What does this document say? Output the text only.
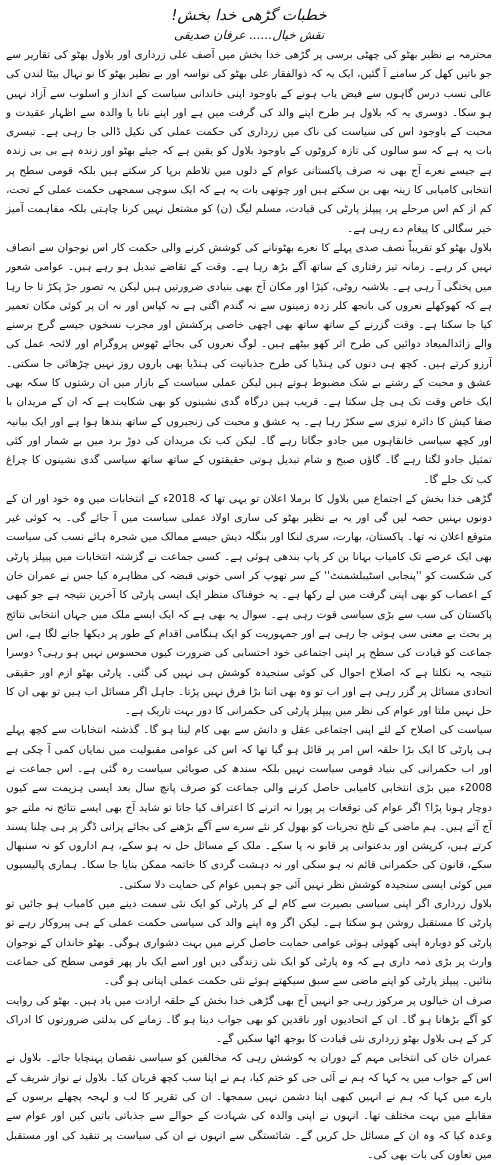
خطبات گڑھی خدا بخش!
نقش خیال...... عرفان صدیقی

محترمہ بے نظیر بھٹو کی چھٹی برسی پر گڑھی خدا بخش میں آصف علی زرداری اور بلاول بھٹو کی تقاریر سے جو باتیں کھل کر سامنے آ گئیں، ایک یہ کہ ذوالفقار علی بھٹو کی نواسہ اور بے نظیر بھٹو کا نو نہال بیٹا لندن کی عالی نسب درس گاہوں سے فیض یاب ہونے کے باوجود اپنی خاندانی سیاست کے انداز و اسلوب سے آزاد نہیں ہو سکا۔ دوسری یہ کہ بلاول ہر طرح اپنے والد کی گرفت میں ہے اور اپنے نانا یا والدہ سے اظہار عقیدت و محبت کے باوجود اس کی سیاست کی ناک میں زرداری کی حکمت عملی کی نکیل ڈالی جا رہی ہے۔ تیسری بات یہ ہے کہ سو سالوں کی تازہ کروٹوں کے باوجود بلاول کو یقین ہے کہ جیئے بھٹو اور زندہ ہے بی بی زندہ ہے جیسے نعرے آج بھی نہ صرف پاکستانی عوام کے دلوں میں تلاطم برپا کر سکتے ہیں بلکہ قومی سطح پر انتخابی کامیابی کا زینہ بھی بن سکتے ہیں اور چوتھی بات یہ ہے کہ ایک سوچی سمجھی حکمت عملی کے تحت، کم از کم اس مرحلے پر، پیپلز پارٹی کی قیادت، مسلم لیگ (ن) کو مشتعل نہیں کرنا چاہتی بلکہ مفاہمت آمیز خیر سگالی کا پیغام دے رہی ہے۔

بلاول بھٹو کو تقریباً نصف صدی پہلے کا نعرے بھٹونانے کی کوشش کرنے والی حکمت کار اس نوجوان سے انصاف نہیں کر رہے۔ زمانہ تیز رفتاری کے ساتھ آگے بڑھ رہا ہے۔ وقت کے تقاضے تبدیل ہو رہے ہیں۔ عوامی شعور میں پختگی آ رہی ہے۔ بلاشبہ روٹی، کپڑا اور مکان آج بھی بنیادی ضرورتیں ہیں لیکن یہ تصور جڑ پکڑ تا جا رہا ہے کہ کھوکھلے نعروں کی بانجھ کلر زدہ زمینوں سے نہ گندم اگتی ہے نہ کپاس اور نہ ان پر کوئی مکان تعمیر کیا جا سکتا ہے۔ وقت گزرنے کے ساتھ ساتھ بھی اچھی خاصی پرکشش اور مجرب نسخوں جیسے گرج برسنے والے زائدالمیعاد دوائیں کی طرح اثر کھو بیٹھے ہیں۔ لوگ نعروں کی بجائے ٹھوس پروگرام اور لائحہ عمل کی آرزو کرتے ہیں۔ کچھ ہی دنوں کی ہنڈیا کی طرح جذباتیت کی ہنڈیا بھی باروں روز نہیں چڑھائی جا سکتی۔ عشق و محبت کے رشتے بے شک مضبوط ہوتے ہیں لیکن عملی سیاست کے بازار میں ان رشتوں کا سکہ بھی ایک خاص وقت تک ہی چل سکتا ہے۔ قریب ہیں درگاہ گدی نشینوں کو بھی شکایت ہے کہ ان کے مریدان با صفا کیش کا دائرہ تیزی سے سکڑ رہا ہے۔ یہ عشق و محبت کی زنجیروں کے ساتھ بندھا ہوا ہے اور ایک بیانیہ اور کچھ سیاسی خانقاہوں میں جادو جگاتا رہے گا۔ لیکن کب تک مریدان کی دوڑ برد میں بے شمار اور کئی تمثیل جادو لگتا رہے گا۔ گاؤں صبح و شام تبدیل ہوتی حقیقتوں کے ساتھ ساتھ سیاسی گدی نشینوں کا چراغ کب تک جلے گا۔

گڑھی خدا بخش کے اجتماع میں بلاول کا برملا اعلان تو یہی تھا کہ 2018ء کے انتخابات میں وہ خود اور ان کے دونوں بہنیں حصہ لیں گی اور یہ بے نظیر بھٹو کی ساری اولاد عملی سیاست میں آ جائے گی۔ یہ کوئی غیر متوقع اعلان نہ تھا۔ پاکستان، بھارت، سری لنکا اور بنگلہ دیش جیسے ممالک میں شجرہ ہائے نسب کی سیاست بھی ایک عرصے تک کامیاب بہانا بن کر پاپ بندھی ہوئی ہے۔ کسی جماعت نے گزشتہ انتخابات میں پیپلز پارٹی کی شکست کو ''پنجابی اسٹیبلشمنٹ'' کے سر تھوپ کر اسی خونی قبضہ کی مظاہرہ کیا جس نے عمران خان کے اعصاب کو بھی اپنی گرفت میں لے رکھا ہے۔ یہ خوفناک منظر ایک ایسی پارٹی کا آخرین نتیجہ ہے جو کبھی پاکستان کی سب سے بڑی سیاسی قوت رہی ہے۔ سوال یہ بھی ہے کہ ایک ایسے ملک میں جہاں انتخابی نتائج پر بحث بے معنی سی ہوتی جا رہی ہے اور جمہوریت کو ایک ہنگامی اقدام کے طور پر دیکھا جانے لگا ہے، اس جماعت کو قیادت کی سطح پر اپنی اجتماعی خود احتسابی کی ضرورت کیوں محسوس نہیں ہو رہی؟ دوسرا نتیجہ یہ نکلتا ہے کہ اصلاح احوال کی کوئی سنجیدہ کوشش ہی نہیں کی گئی۔ پارٹی بھٹو ازم اور حقیقی اتحادی مسائل پر گزر رہی ہے اور اب تو وہ بھی اتنا بڑا فرق نہیں پڑتا۔ جاہل اگر مسائل اب ہیں تو بھی ان کا حل نہیں ملتا اور عوام کی نظر میں پیپلز پارٹی کی حکمرانی کا دور بہت تاریک ہے۔

سیاست کی اصلاح کے لئے اپنی اجتماعی عقل و دانش سے بھی کام لینا ہو گا۔ گذشتہ انتخابات سے کچھ پہلے ہی پارٹی کا ایک بڑا حلقہ اس امر پر قائل ہو گیا تھا کہ اس کی عوامی مقبولیت میں نمایاں کمی آ چکی ہے اور اب حکمرانی کی بنیاد قومی سیاست نہیں بلکہ سندھ کی صوبائی سیاست رہ گئی ہے۔ اس جماعت نے 2008ء میں بڑی انتخابی کامیابی حاصل کرنے والی جماعت کو صرف پانچ سال بعد ایسی ہزیمت سے کیوں دوچار ہونا پڑا؟ اگر عوام کی توقعات پر پورا نہ اترنے کا اعتراف کیا جاتا تو شاید آج بھی ایسے نتائج نہ ملتے جو آج آئے ہیں۔ ہم ماضی کے تلخ تجربات کو بھول کر نئے سرے سے آگے بڑھنے کی بجائے پرانی ڈگر پر ہی چلنا پسند کرتے ہیں، کرپشن اور بدعنوانی پر قابو نہ پا سکے۔ ملک کے مسائل حل نہ ہو سکے، ہم اداروں کو نہ سنبھال سکے، قانون کی حکمرانی قائم نہ ہو سکی اور نہ دہشت گردی کا خاتمہ ممکن بنایا جا سکا۔ ہماری پالیسیوں میں کوئی ایسی سنجیدہ کوشش نظر نہیں آئی جو ہمیں عوام کی حمایت دلا سکتی۔

بلاول زرداری اگر اپنی سیاسی بصیرت سے کام لے کر پارٹی کو ایک نئی سمت دینے میں کامیاب ہو جائیں تو پارٹی کا مستقبل روشن ہو سکتا ہے۔ لیکن اگر وہ اپنے والد کی سیاسی حکمت عملی کے ہی پیروکار رہے تو پارٹی کو دوبارہ اپنی کھوئی ہوئی عوامی حمایت حاصل کرنے میں بہت دشواری ہوگی۔ بھٹو خاندان کے نوجوان وارث پر بڑی ذمہ داری ہے کہ وہ پارٹی کو ایک نئی زندگی دیں اور اسے ایک بار پھر قومی سطح کی جماعت بنائیں۔ پیپلز پارٹی کو اپنے ماضی سے سبق سیکھتے ہوئے نئی حکمت عملی اپنانی ہو گی۔

صرف ان خیالوں پر مرکوز رہی جو انہیں آج بھی گڑھی خدا بخش کے حلقہ ارادت میں یاد ہیں۔ بھٹو کی روایت کو آگے بڑھانا ہو گا۔ ان کے اتحادیوں اور ناقدین کو بھی جواب دینا ہو گا۔ زمانے کی بدلتی ضرورتوں کا ادراک کر کے ہی بلاول بھٹو زرداری نئی قیادت کا بوجھ اٹھا سکیں گے۔

عمران خان کی انتخابی مہم کے دوران یہ کوشش رہی کہ مخالفین کو سیاسی نقصان پہنچایا جائے۔ بلاول نے اس کے جواب میں یہ کہا کہ ہم نے آئی جی کو ختم کیا، ہم نے اپنا سب کچھ قربان کیا۔ بلاول نے نواز شریف کے بارے میں کہا کہ ہم نے انہیں کبھی اپنا دشمن نہیں سمجھا۔ ان کی تقریر کا لب و لہجہ پچھلے برسوں کے مقابلے میں بہت مختلف تھا۔ انہوں نے اپنی والدہ کی شہادت کے حوالے سے جذباتی باتیں کیں اور عوام سے وعدہ کیا کہ وہ ان کے مسائل حل کریں گے۔ شائستگی سے انہوں نے ان کی سیاست پر تنقید کی اور مستقبل میں تعاون کی بات بھی کی۔
